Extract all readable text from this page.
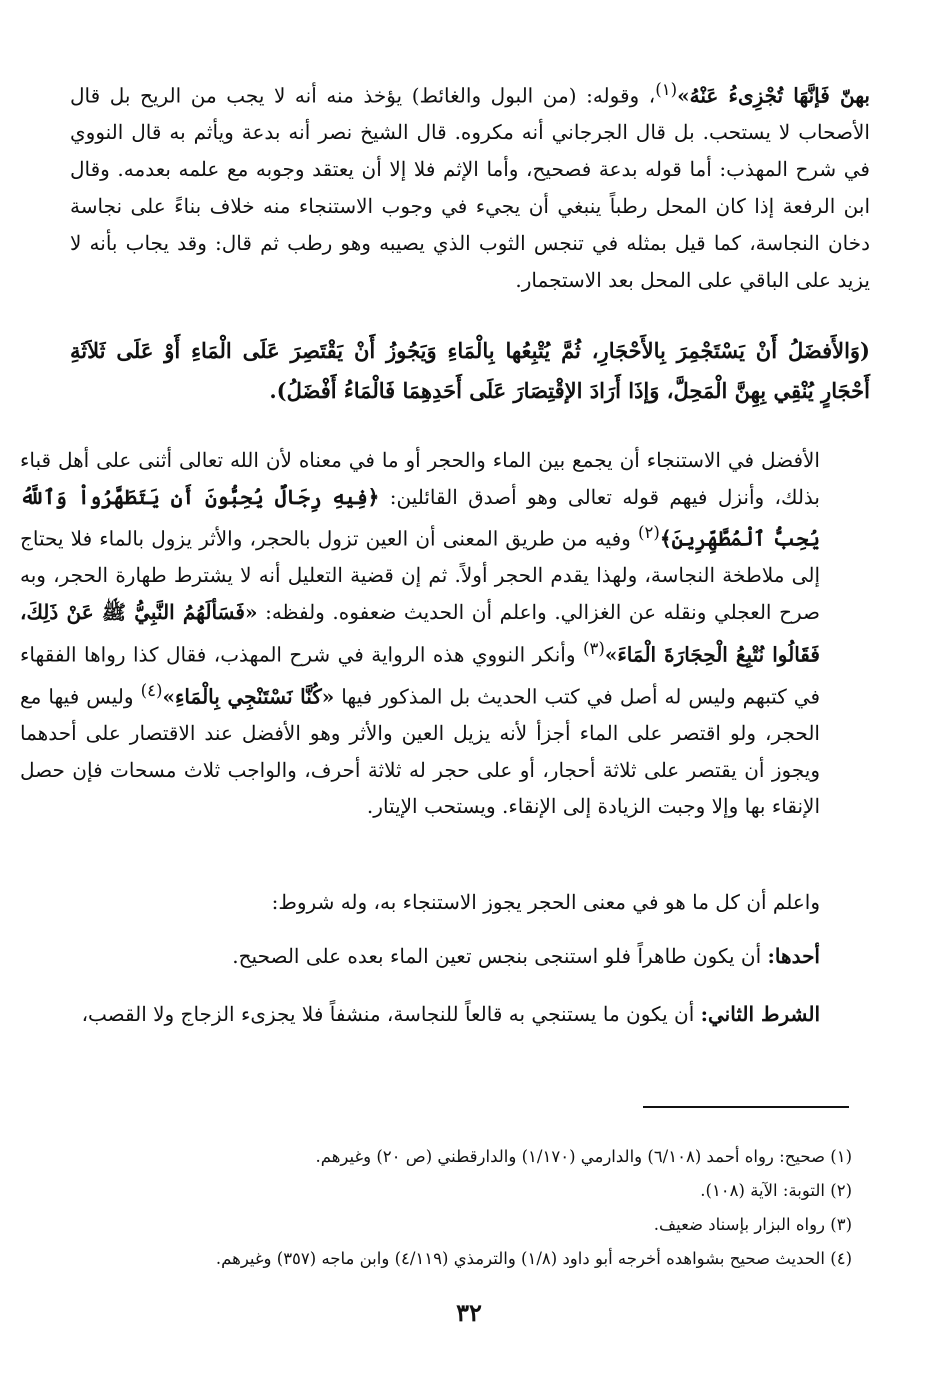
بهنّ فَإنَّهَا تُجْزِىءُ عَنْهُ»$^{(١)}$، وقوله: (من البول والغائط) يؤخذ منه أنه لا يجب من الريح بل قال الأصحاب لا يستحب. بل قال الجرجاني أنه مكروه. قال الشيخ نصر أنه بدعة ويأثم به قال النووي في شرح المهذب: أما قوله بدعة فصحيح، وأما الإثم فلا إلا أن يعتقد وجوبه مع علمه بعدمه. وقال ابن الرفعة إذا كان المحل رطباً ينبغي أن يجيء في وجوب الاستنجاء منه خلاف بناءً على نجاسة دخان النجاسة، كما قيل بمثله في تنجس الثوب الذي يصيبه وهو رطب ثم قال: وقد يجاب بأنه لا يزيد على الباقي على المحل بعد الاستجمار.
(وَالأَفضَلُ أَنْ يَسْتَجْمِرَ بِالأَحْجَارِ، ثُمَّ يُتْبِعُها بِالْمَاءِ وَيَجُوزُ أَنْ يَقْتَصِرَ عَلَى الْمَاءِ أَوْ عَلَى ثَلاَثَةِ أَحْجَارٍ يُنْقِي بِهِنَّ الْمَحِلَّ، وَإذَا أَرَادَ الإقْتِصَارَ عَلَى أَحَدِهِمَا فَالْمَاءُ أَفْضَلُ).
الأفضل في الاستنجاء أن يجمع بين الماء والحجر أو ما في معناه لأن الله تعالى أثنى على أهل قباء بذلك، وأنزل فيهم قوله تعالى وهو أصدق القائلين: ﴿فِيهِ رِجَالٌ يُحِبُّونَ أَن يَتَطَهَّرُواْ وَٱللَّهُ يُحِبُّ ٱلْمُطَّهِّرِينَ﴾$^{(٢)}$ وفيه من طريق المعنى أن العين تزول بالحجر، والأثر يزول بالماء فلا يحتاج إلى ملاطخة النجاسة، ولهذا يقدم الحجر أولاً. ثم إن قضية التعليل أنه لا يشترط طهارة الحجر، وبه صرح العجلي ونقله عن الغزالي. واعلم أن الحديث ضعفوه. ولفظه: «فَسَألَهُمُ النَّبِيُّ ﷺ عَنْ ذَلِكَ، فَقَالُوا نُتْبِعُ الْحِجَارَةَ الْمَاءَ»$^{(٣)}$ وأنكر النووي هذه الرواية في شرح المهذب، فقال كذا رواها الفقهاء في كتبهم وليس له أصل في كتب الحديث بل المذكور فيها «كُنَّا نَسْتَنْجِي بِالْمَاءِ»$^{(٤)}$ وليس فيها مع الحجر، ولو اقتصر على الماء أجزأ لأنه يزيل العين والأثر وهو الأفضل عند الاقتصار على أحدهما ويجوز أن يقتصر على ثلاثة أحجار، أو على حجر له ثلاثة أحرف، والواجب ثلاث مسحات فإن حصل الإنقاء بها وإلا وجبت الزيادة إلى الإنقاء. ويستحب الإيتار.
واعلم أن كل ما هو في معنى الحجر يجوز الاستنجاء به، وله شروط:
أحدها: أن يكون طاهراً فلو استنجى بنجس تعين الماء بعده على الصحيح.
الشرط الثاني: أن يكون ما يستنجي به قالعاً للنجاسة، منشفاً فلا يجزىء الزجاج ولا القصب،
(١) صحيح: رواه أحمد (٦/١٠٨) والدارمي (١/١٧٠) والدارقطني (ص ٢٠) وغيرهم.
(٢) التوبة: الآية (١٠٨).
(٣) رواه البزار بإسناد ضعيف.
(٤) الحديث صحيح بشواهده أخرجه أبو داود (١/٨) والترمذي (٤/١١٩) وابن ماجه (٣٥٧) وغيرهم.
٣٢
